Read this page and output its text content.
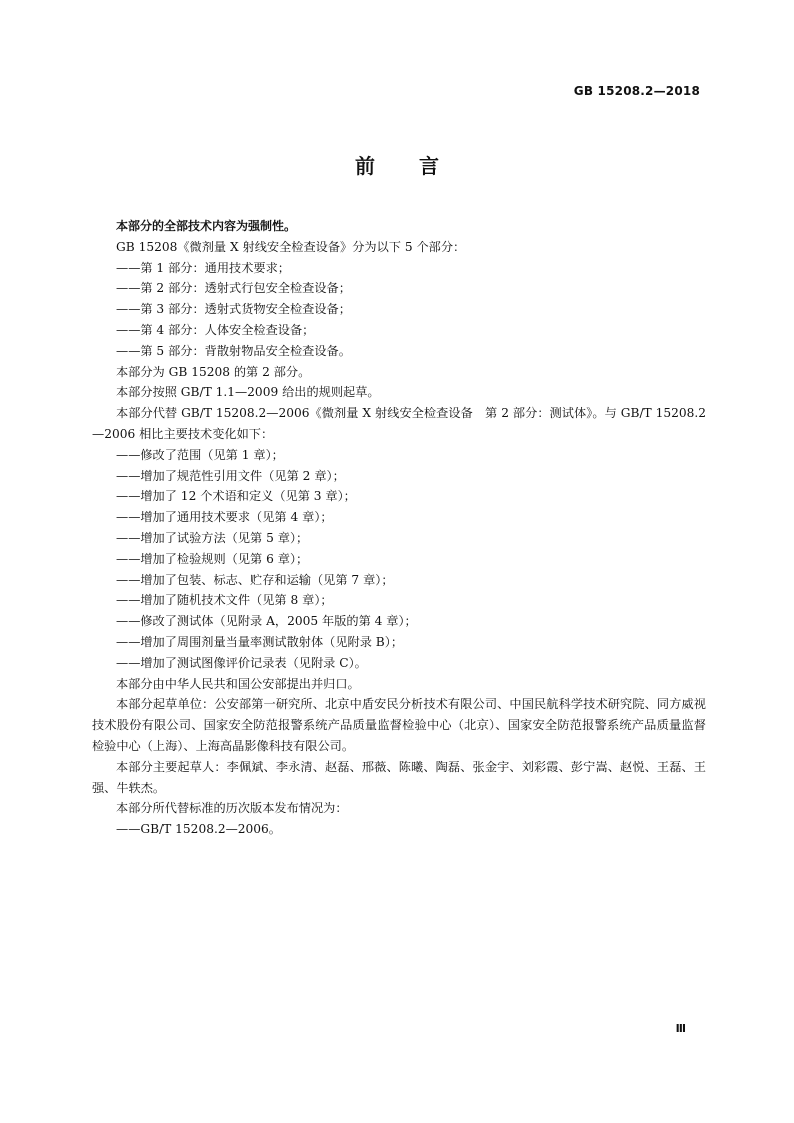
GB 15208.2—2018
前言

本部分的全部技术内容为强制性。

GB 15208《微剂量 X 射线安全检查设备》分为以下 5 个部分：

——第 1 部分：通用技术要求；

——第 2 部分：透射式行包安全检查设备；

——第 3 部分：透射式货物安全检查设备；

——第 4 部分：人体安全检查设备；

——第 5 部分：背散射物品安全检查设备。

本部分为 GB 15208 的第 2 部分。

本部分按照 GB/T 1.1—2009 给出的规则起草。

本部分代替 GB/T 15208.2—2006《微剂量 X 射线安全检查设备　第 2 部分：测试体》。与 GB/T 15208.2—2006 相比主要技术变化如下：

——修改了范围（见第 1 章）；

——增加了规范性引用文件（见第 2 章）；

——增加了 12 个术语和定义（见第 3 章）；

——增加了通用技术要求（见第 4 章）；

——增加了试验方法（见第 5 章）；

——增加了检验规则（见第 6 章）；

——增加了包装、标志、贮存和运输（见第 7 章）；

——增加了随机技术文件（见第 8 章）；

——修改了测试体（见附录 A，2005 年版的第 4 章）；

——增加了周围剂量当量率测试散射体（见附录 B）；

——增加了测试图像评价记录表（见附录 C）。

本部分由中华人民共和国公安部提出并归口。

本部分起草单位：公安部第一研究所、北京中盾安民分析技术有限公司、中国民航科学技术研究院、同方威视技术股份有限公司、国家安全防范报警系统产品质量监督检验中心（北京）、国家安全防范报警系统产品质量监督检验中心（上海）、上海高晶影像科技有限公司。

本部分主要起草人：李佩斌、李永清、赵磊、邢薇、陈曦、陶磊、张金宇、刘彩霞、彭宁嵩、赵悦、王磊、王强、牛轶杰。

本部分所代替标准的历次版本发布情况为：

——GB/T 15208.2—2006。

Ⅲ
